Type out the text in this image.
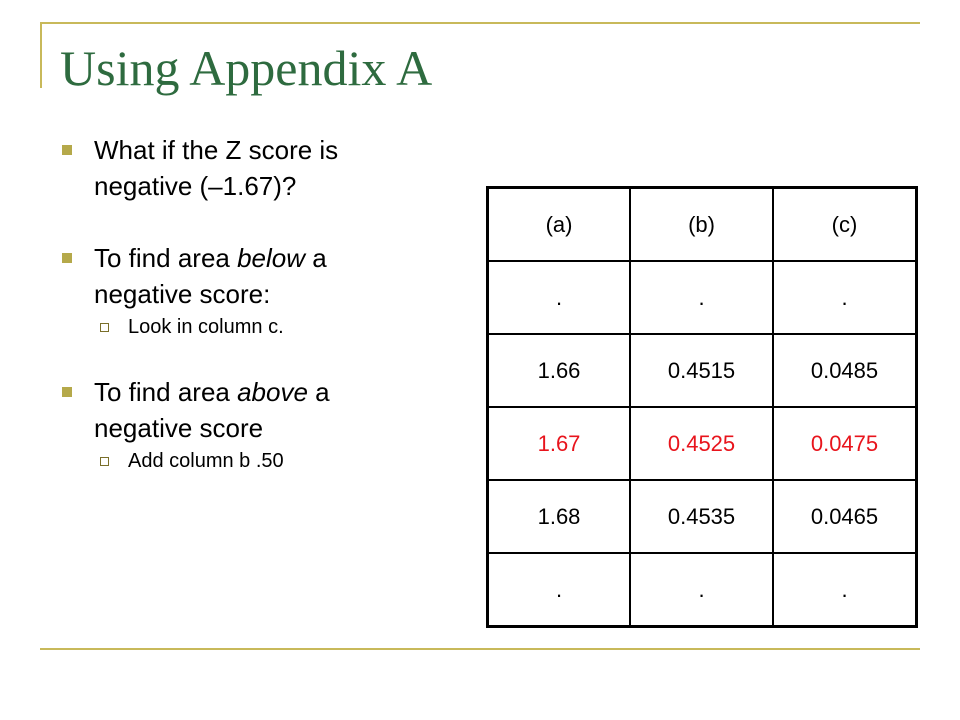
Using Appendix A
What if the Z score is
negative (–1.67)?
To find area below a
negative score:
Look in column c.
To find area above a
negative score
Add column b .50
(a)	(b)	(c)
.	.	.
1.66	0.4515	0.0485
1.67	0.4525	0.0475
1.68	0.4535	0.0465
.	.	.
